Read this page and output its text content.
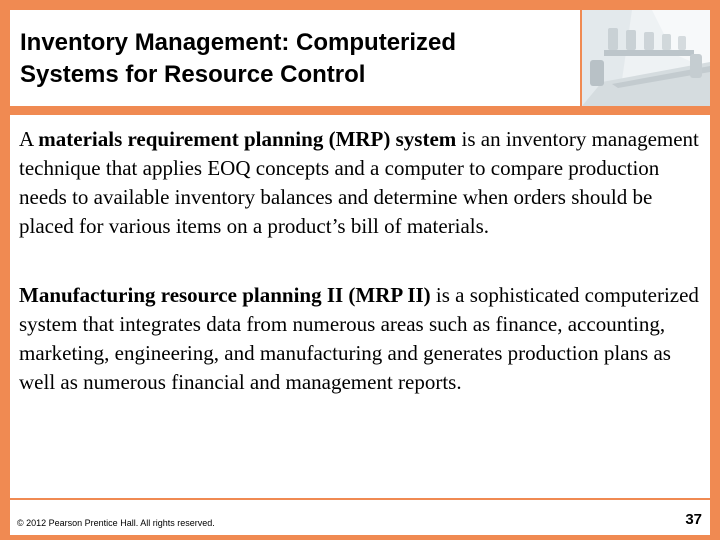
Inventory Management: Computerized
Systems for Resource Control

A materials requirement planning (MRP) system is an inventory management technique that applies EOQ concepts and a computer to compare production needs to available inventory balances and determine when orders should be placed for various items on a product’s bill of materials.

Manufacturing resource planning II (MRP II) is a sophisticated computerized system that integrates data from numerous areas such as finance, accounting, marketing, engineering, and manufacturing and generates production plans as well as numerous financial and management reports.

© 2012 Pearson Prentice Hall. All rights reserved.	37
